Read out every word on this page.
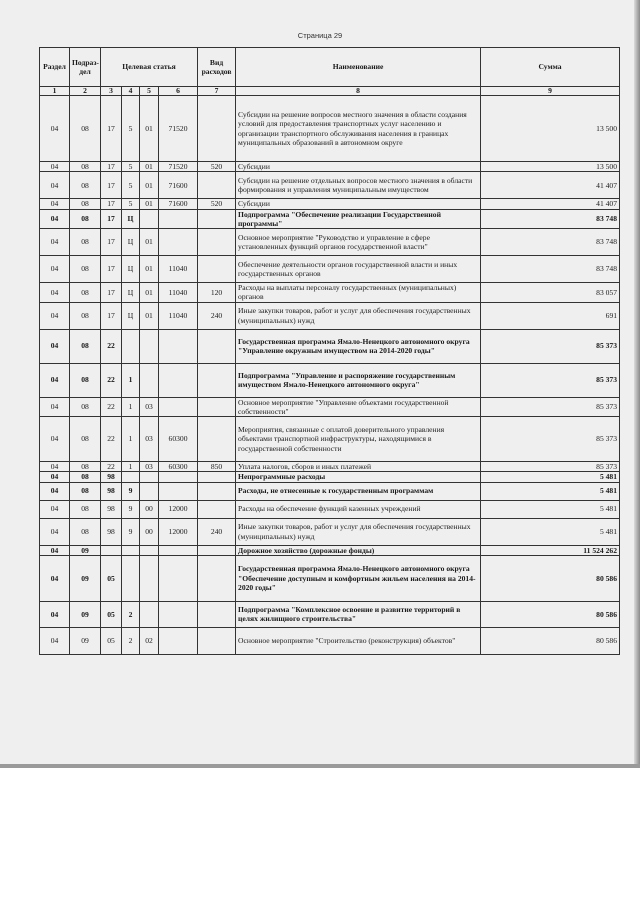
Страница 29
Раздел	Подраз-дел	Целевая статья				Вид расходов	Наименование	Сумма
1	2	3	4	5	6	7	8	9
04	08	17	5	01	71520		Субсидии на решение вопросов местного значения в области создания условий для предоставления транспортных услуг населению и организации транспортного обслуживания населения в границах муниципальных образований в автономном округе	13 500
04	08	17	5	01	71520	520	Субсидии	13 500
04	08	17	5	01	71600		Субсидии на решение отдельных вопросов местного значения в области формирования и управления муниципальным имуществом	41 407
04	08	17	5	01	71600	520	Субсидии	41 407
04	08	17	Ц				Подпрограмма "Обеспечение реализации Государственной программы"	83 748
04	08	17	Ц	01			Основное мероприятие "Руководство и управление в сфере установленных функций органов государственной власти"	83 748
04	08	17	Ц	01	11040		Обеспечение деятельности органов государственной власти и иных государственных органов	83 748
04	08	17	Ц	01	11040	120	Расходы на выплаты персоналу государственных (муниципальных) органов	83 057
04	08	17	Ц	01	11040	240	Иные закупки товаров, работ и услуг для обеспечения государственных (муниципальных) нужд	691
04	08	22					Государственная программа Ямало-Ненецкого автономного округа "Управление окружным имуществом на 2014-2020 годы"	85 373
04	08	22	1				Подпрограмма "Управление и распоряжение государственным имуществом Ямало-Ненецкого автономного округа"	85 373
04	08	22	1	03			Основное мероприятие "Управление объектами государственной собственности"	85 373
04	08	22	1	03	60300		Мероприятия, связанные с оплатой доверительного управления объектами транспортной инфраструктуры, находящимися в государственной собственности	85 373
04	08	22	1	03	60300	850	Уплата налогов, сборов и иных платежей	85 373
04	08	98					Непрограммные расходы	5 481
04	08	98	9				Расходы, не отнесенные к государственным программам	5 481
04	08	98	9	00	12000		Расходы на обеспечение функций казенных учреждений	5 481
04	08	98	9	00	12000	240	Иные закупки товаров, работ и услуг для обеспечения государственных (муниципальных) нужд	5 481
04	09						Дорожное хозяйство (дорожные фонды)	11 524 262
04	09	05					Государственная программа Ямало-Ненецкого автономного округа "Обеспечение доступным и комфортным жильем населения на 2014-2020 годы"	80 586
04	09	05	2				Подпрограмма "Комплексное освоение и развитие территорий в целях жилищного строительства"	80 586
04	09	05	2	02			Основное мероприятие "Строительство (реконструкция) объектов"	80 586
